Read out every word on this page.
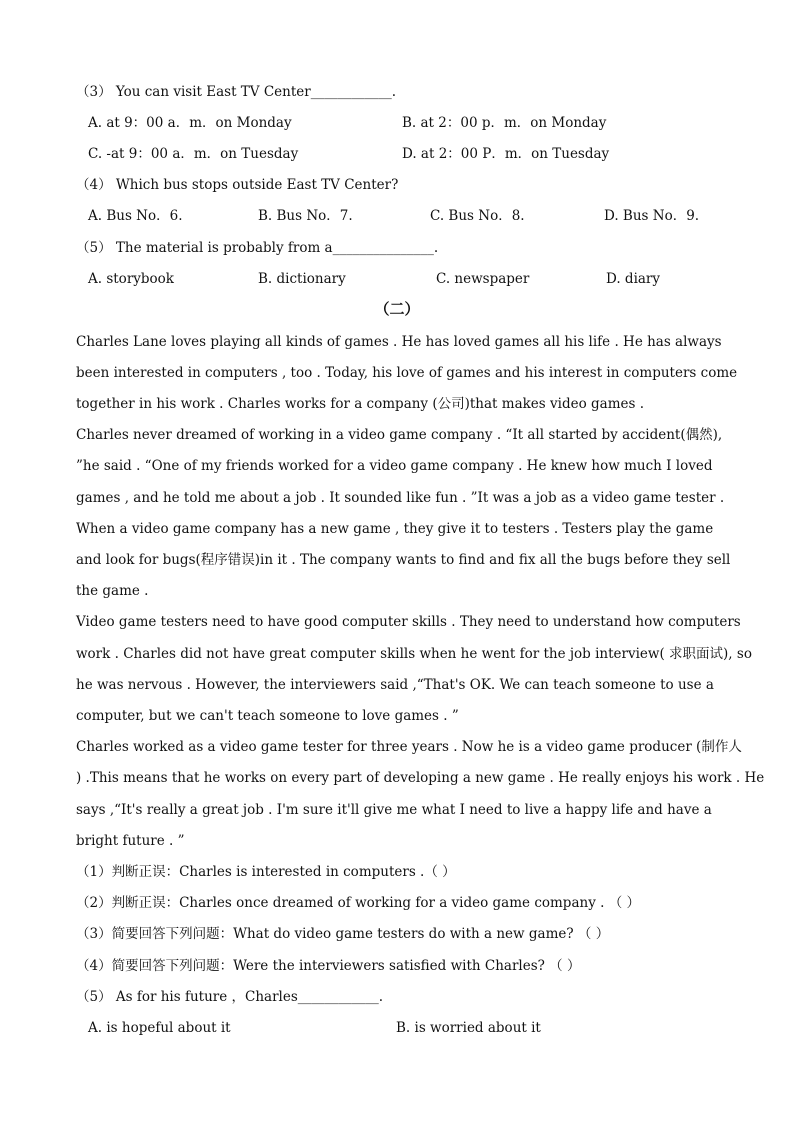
（3） You can visit East TV Center____________.
A. at 9：00 a．m．on Monday	B. at 2：00 p．m．on Monday
C. -at 9：00 a．m．on Tuesday	D. at 2：00 P．m．on Tuesday
（4） Which bus stops outside East TV Center?
A. Bus No．6.	B. Bus No．7.	C. Bus No．8.	D. Bus No．9.
（5） The material is probably from a_______________.
A. storybook	B. dictionary	C. newspaper	D. diary
（二）

Charles Lane loves playing all kinds of games . He has loved games all his life . He has always

been interested in computers , too . Today, his love of games and his interest in computers come

together in his work . Charles works for a company (公司)that makes video games .

Charles never dreamed of working in a video game company . “It all started by accident(偶然),

”he said . “One of my friends worked for a video game company . He knew how much I loved

games , and he told me about a job . It sounded like fun . ”It was a job as a video game tester .

When a video game company has a new game , they give it to testers . Testers play the game

and look for bugs(程序错误)in it . The company wants to find and fix all the bugs before they sell

the game .

Video game testers need to have good computer skills . They need to understand how computers

work . Charles did not have great computer skills when he went for the job interview( 求职面试), so

he was nervous . However, the interviewers said ,“That's OK. We can teach someone to use a

computer, but we can't teach someone to love games . ”

Charles worked as a video game tester for three years . Now he is a video game producer (制作人

) .This means that he works on every part of developing a new game . He really enjoys his work . He

says ,“It's really a great job . I'm sure it'll give me what I need to live a happy life and have a

bright future . ”

（1）判断正误：Charles is interested in computers .（ ）
（2）判断正误：Charles once dreamed of working for a video game company . （ ）
（3）简要回答下列问题：What do video game testers do with a new game? （ ）
（4）简要回答下列问题：Were the interviewers satisfied with Charles? （ ）
（5） As for his future ，Charles____________.
A. is hopeful about it	B. is worried about it
